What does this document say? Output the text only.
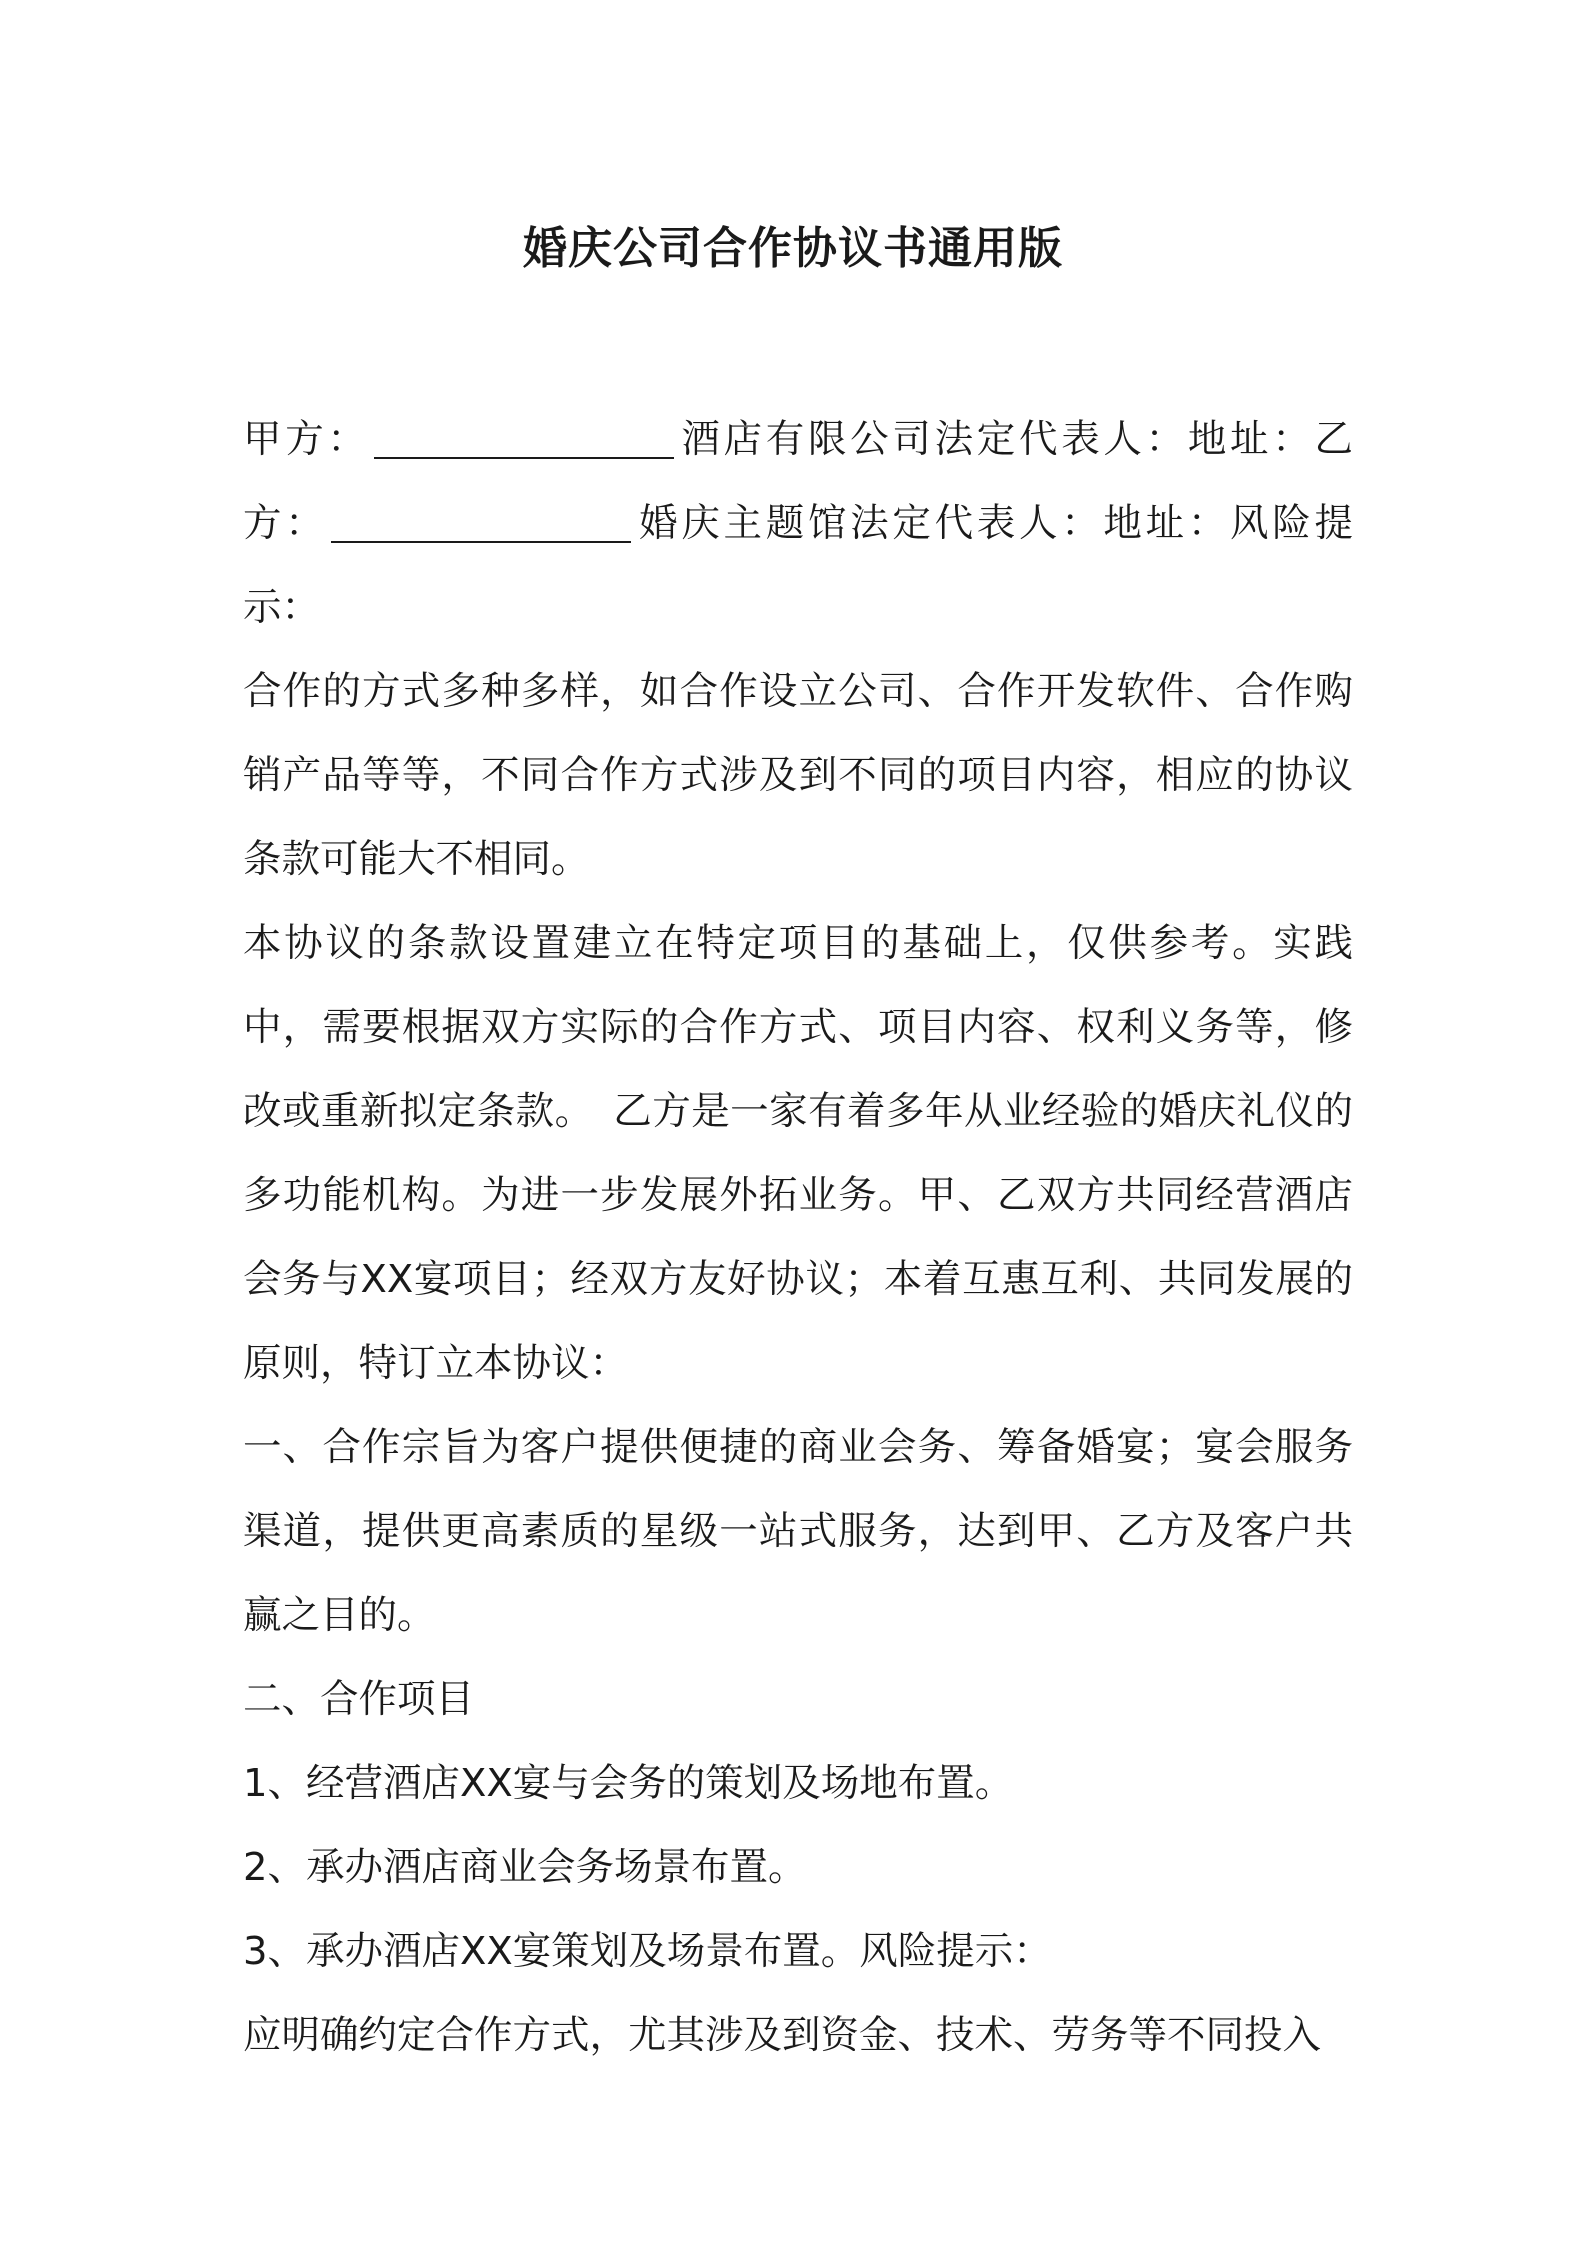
婚庆公司合作协议书通用版

甲方：	酒店有限公司法定代表人：地址：乙方：	婚庆主题馆法定代表人：地址：风险提示：

合作的方式多种多样，如合作设立公司、合作开发软件、合作购销产品等等，不同合作方式涉及到不同的项目内容，相应的协议条款可能大不相同。

本协议的条款设置建立在特定项目的基础上，仅供参考。实践中，需要根据双方实际的合作方式、项目内容、权利义务等，修改或重新拟定条款。　乙方是一家有着多年从业经验的婚庆礼仪的多功能机构。为进一步发展外拓业务。甲、乙双方共同经营酒店会务与XX宴项目；经双方友好协议；本着互惠互利、共同发展的原则，特订立本协议：

一、合作宗旨为客户提供便捷的商业会务、筹备婚宴；宴会服务渠道，提供更高素质的星级一站式服务，达到甲、乙方及客户共赢之目的。

二、合作项目

1、经营酒店XX宴与会务的策划及场地布置。

2、承办酒店商业会务场景布置。

3、承办酒店XX宴策划及场景布置。风险提示：

应明确约定合作方式，尤其涉及到资金、技术、劳务等不同投入
